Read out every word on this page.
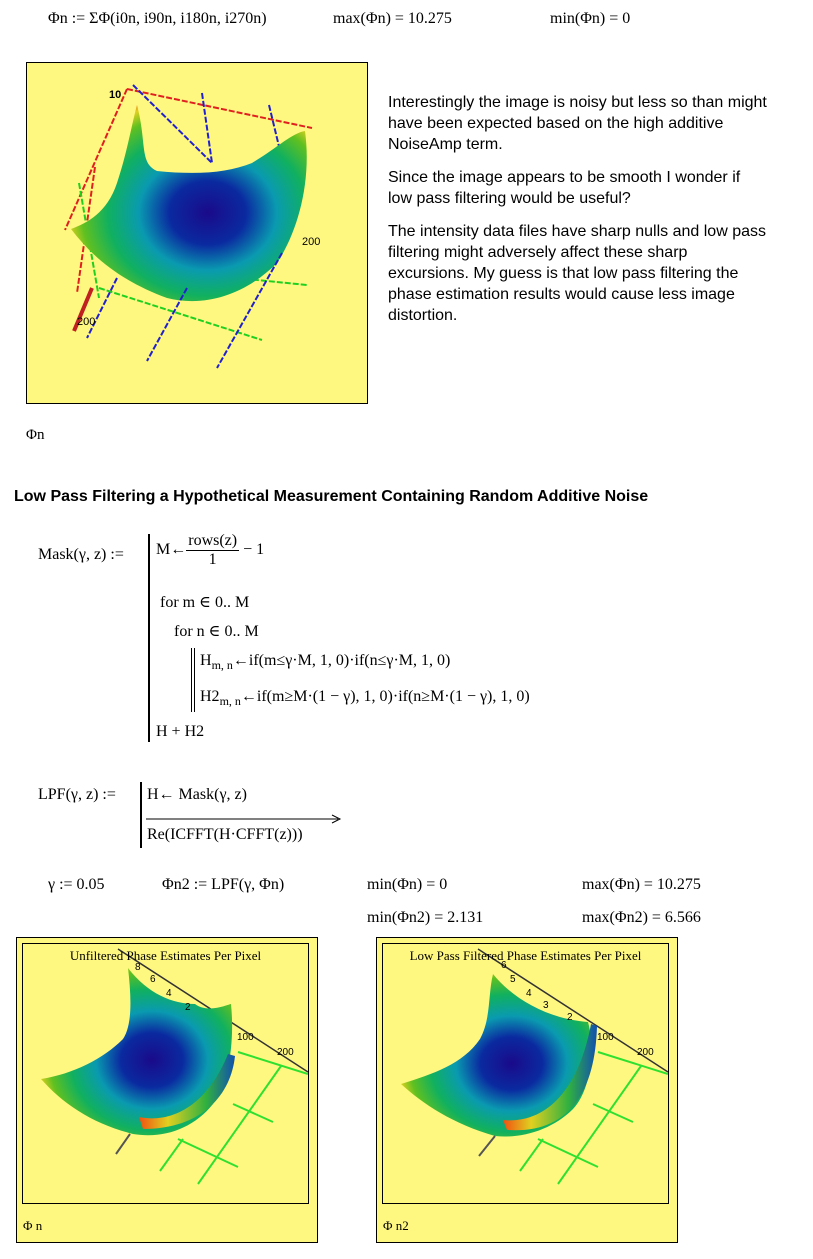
Φn := ΣΦ(i0n, i90n, i180n, i270n)	max(Φn) = 10.275	min(Φn) = 0
10
200
200
Φn

Interestingly the image is noisy but less so than might have been expected based on the high additive NoiseAmp term.

Since the image appears to be smooth I wonder if low pass filtering would be useful?

The intensity data files have sharp nulls and low pass filtering might adversely affect these sharp excursions. My guess is that low pass filtering the phase estimation results would cause less image distortion.

Low Pass Filtering a Hypothetical Measurement Containing Random Additive Noise
Mask(γ, z) := M← $\frac{\text{rows(z)}}{1} - 1$
for m ∈ 0.. M
for n ∈ 0.. M
$H_{m, n}\leftarrow if(m\le\gamma\cdot M$, 1, 0)·if(n≤γ·M, 1, 0)
$H2_{m, n}\leftarrow if(m\ge M\cdot(1 - \gamma)$, 1, 0)·if(n≥M·(1 − γ), 1, 0)
H + H2
LPF(γ, z) := H← Mask(γ, z)
Re(ICFFT(H·CFFT(z)))
γ := 0.05	Φn2 := LPF(γ, Φn)	min(Φn) = 0	max(Φn) = 10.275
min(Φn2) = 2.131	max(Φn2) = 6.566
8
6
4
2
100
200
Unfiltered Phase Estimates Per Pixel
Φ n
6
5
4
3
2
100
200
Low Pass Filtered Phase Estimates Per Pixel
Φ n2
